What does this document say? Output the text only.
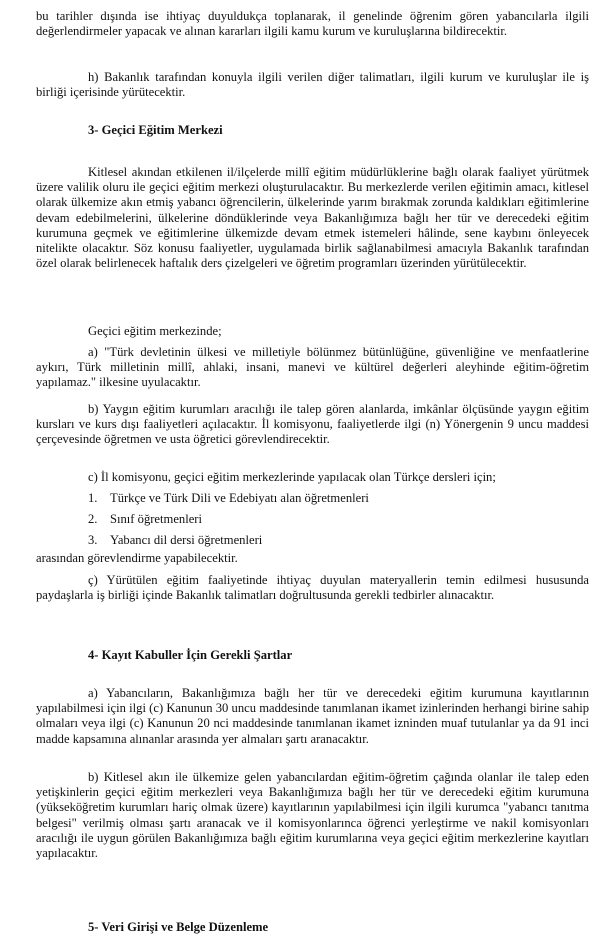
bu tarihler dışında ise ihtiyaç duyuldukça toplanarak, il genelinde öğrenim gören yabancılarla ilgili değerlendirmeler yapacak ve alınan kararları ilgili kamu kurum ve kuruluşlarına bildirecektir.

h) Bakanlık tarafından konuyla ilgili verilen diğer talimatları, ilgili kurum ve kuruluşlar ile iş birliği içerisinde yürütecektir.

3- Geçici Eğitim Merkezi

Kitlesel akından etkilenen il/ilçelerde millî eğitim müdürlüklerine bağlı olarak faaliyet yürütmek üzere valilik oluru ile geçici eğitim merkezi oluşturulacaktır. Bu merkezlerde verilen eğitimin amacı, kitlesel olarak ülkemize akın etmiş yabancı öğrencilerin, ülkelerinde yarım bırakmak zorunda kaldıkları eğitimlerine devam edebilmelerini, ülkelerine döndüklerinde veya Bakanlığımıza bağlı her tür ve derecedeki eğitim kurumuna geçmek ve eğitimlerine ülkemizde devam etmek istemeleri hâlinde, sene kaybını önleyecek nitelikte olacaktır. Söz konusu faaliyetler, uygulamada birlik sağlanabilmesi amacıyla Bakanlık tarafından özel olarak belirlenecek haftalık ders çizelgeleri ve öğretim programları üzerinden yürütülecektir.

Geçici eğitim merkezinde;

a) "Türk devletinin ülkesi ve milletiyle bölünmez bütünlüğüne, güvenliğine ve menfaatlerine aykırı, Türk milletinin millî, ahlaki, insani, manevi ve kültürel değerleri aleyhinde eğitim-öğretim yapılamaz." ilkesine uyulacaktır.

b) Yaygın eğitim kurumları aracılığı ile talep gören alanlarda, imkânlar ölçüsünde yaygın eğitim kursları ve kurs dışı faaliyetleri açılacaktır. İl komisyonu, faaliyetlerde ilgi (n) Yönergenin 9 uncu maddesi çerçevesinde öğretmen ve usta öğretici görevlendirecektir.

c) İl komisyonu, geçici eğitim merkezlerinde yapılacak olan Türkçe dersleri için;

1. Türkçe ve Türk Dili ve Edebiyatı alan öğretmenleri
2. Sınıf öğretmenleri
3. Yabancı dil dersi öğretmenleri

arasından görevlendirme yapabilecektir.

ç) Yürütülen eğitim faaliyetinde ihtiyaç duyulan materyallerin temin edilmesi hususunda paydaşlarla iş birliği içinde Bakanlık talimatları doğrultusunda gerekli tedbirler alınacaktır.

4- Kayıt Kabuller İçin Gerekli Şartlar

a) Yabancıların, Bakanlığımıza bağlı her tür ve derecedeki eğitim kurumuna kayıtlarının yapılabilmesi için ilgi (c) Kanunun 30 uncu maddesinde tanımlanan ikamet izinlerinden herhangi birine sahip olmaları veya ilgi (c) Kanunun 20 nci maddesinde tanımlanan ikamet izninden muaf tutulanlar ya da 91 inci madde kapsamına alınanlar arasında yer almaları şartı aranacaktır.

b) Kitlesel akın ile ülkemize gelen yabancılardan eğitim-öğretim çağında olanlar ile talep eden yetişkinlerin geçici eğitim merkezleri veya Bakanlığımıza bağlı her tür ve derecedeki eğitim kurumuna (yükseköğretim kurumları hariç olmak üzere) kayıtlarının yapılabilmesi için ilgili kurumca "yabancı tanıtma belgesi" verilmiş olması şartı aranacak ve il komisyonlarınca öğrenci yerleştirme ve nakil komisyonları aracılığı ile uygun görülen Bakanlığımıza bağlı eğitim kurumlarına veya geçici eğitim merkezlerine kayıtları yapılacaktır.

5- Veri Girişi ve Belge Düzenleme
